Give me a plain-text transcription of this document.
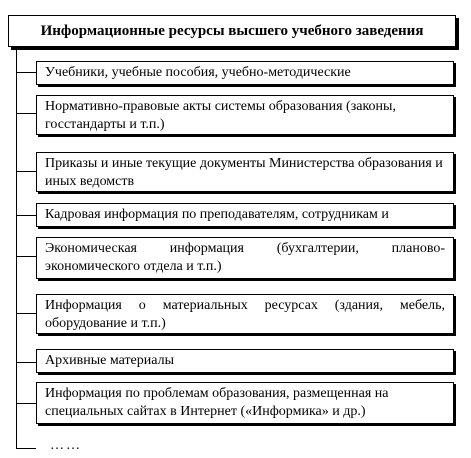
Информационные ресурсы высшего учебного заведения
Учебники, учебные пособия, учебно-методические
Нормативно-правовые акты системы образования (законы, госстандарты и т.п.)
Приказы и иные текущие документы Министерства образования и иных ведомств
Кадровая информация по преподавателям, сотрудникам и
Экономическая информация (бухгалтерии, планово-экономического отдела и т.п.)
Информация о материальных ресурсах (здания, мебель, оборудование и т.п.)
Архивные материалы
Информация по проблемам образования, размещенная на специальных сайтах в Интернет («Информика» и др.)
……
